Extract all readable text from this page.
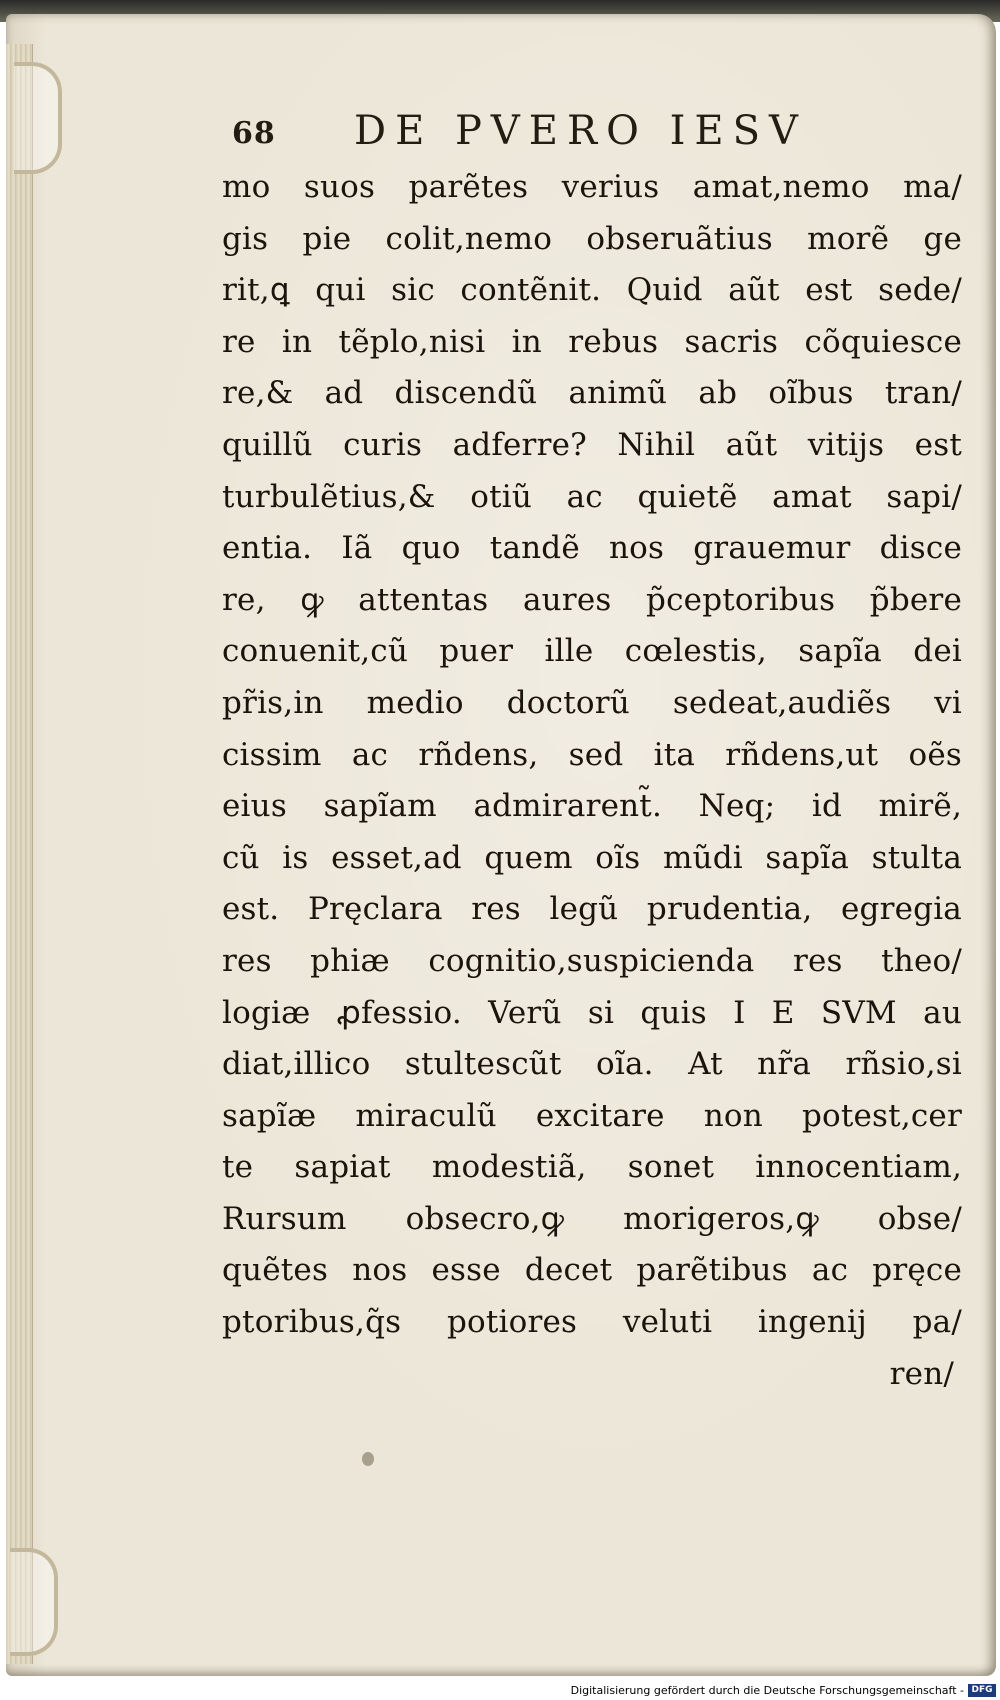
68 DE PVERO IESV
mo suos parẽtes verius amat,nemo ma/
gis pie colit,nemo obseruãtius morẽ ge
rit,ꝗ qui sic contẽnit. Quid aũt est sede/
re in tẽplo,nisi in rebus sacris cõquiesce
re,& ad discendũ animũ ab oĩbus tran/
quillũ curis adferre? Nihil aũt vitijs est
turbulẽtius,& otiũ ac quietẽ amat sapi/
entia. Iã quo tandẽ nos grauemur disce
re, ꝙ attentas aures p̃ceptoribus p̃bere
conuenit,cũ puer ille cœlestis, sapĩa dei
pr̃is,in medio doctorũ sedeat,audiẽs vi
cissim ac rñdens, sed ita rñdens,ut oẽs
eius sapĩam admirarent̃. Neq; id mirẽ,
cũ is esset,ad quem oĩs mũdi sapĩa stulta
est. Pręclara res legũ prudentia, egregia
res phiæ cognitio,suspicienda res theo/
logiæ ꝓfessio. Verũ si quis I E SVM au
diat,illico stultescũt oĩa. At nr̃a rñsio,si
sapĩæ miraculũ excitare non potest,cer
te sapiat modestiã, sonet innocentiam,
Rursum obsecro,ꝙ morigeros,ꝙ obse/
quẽtes nos esse decet parẽtibus ac pręce
ptoribus,q̃s potiores veluti ingenij pa/
ren/
Digitalisierung gefördert durch die Deutsche Forschungsgemeinschaft - DFG
